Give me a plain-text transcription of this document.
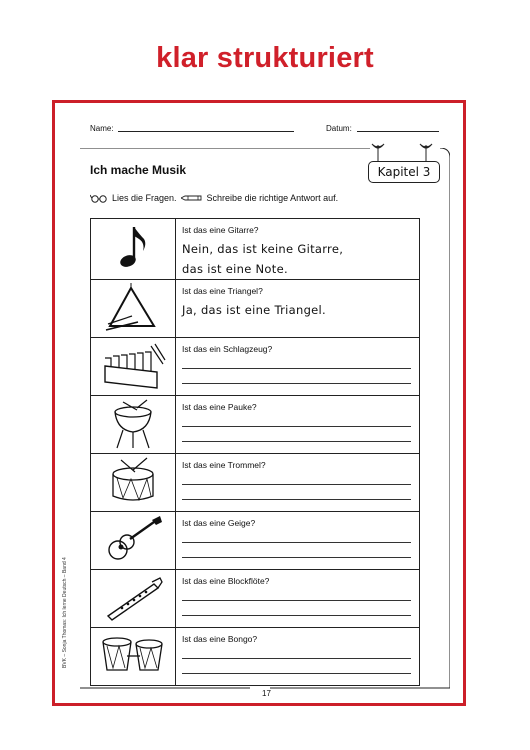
klar strukturiert
Name:	Datum:
Ich mache Musik	Kapitel 3
Lies die Fragen.	Schreibe die richtige Antwort auf.

Ist das eine Gitarre?
Nein, das ist keine Gitarre,
das ist eine Note.

Ist das eine Triangel?
Ja, das ist eine Triangel.

Ist das ein Schlagzeug?

Ist das eine Pauke?

Ist das eine Trommel?

Ist das eine Geige?

Ist das eine Blockflöte?

Ist das eine Bongo?
BVK – Sonja Thomas: Ich lerne Deutsch – Band 4
17
